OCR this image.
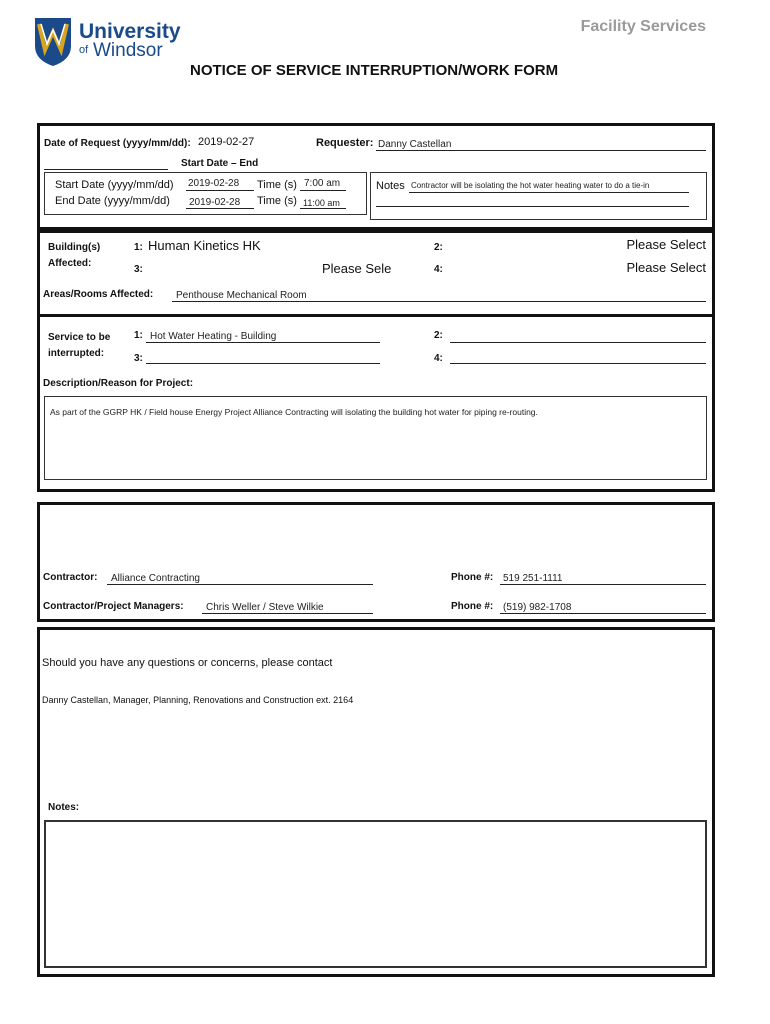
University
of Windsor
Facility Services
NOTICE OF SERVICE INTERRUPTION/WORK FORM
Date of Request (yyyy/mm/dd): 2019-02-27	Requester: Danny Castellan
Start Date – End
Start Date (yyyy/mm/dd) 2019-02-28 Time (s) 7:00 am
End Date (yyyy/mm/dd) 2019-02-28 Time (s) 11:00 am
Notes Contractor will be isolating the hot water heating water to do a tie-in
Building(s)
Affected:
1: Human Kinetics HK	2:	Please Select
3:	Please Sele	4:	Please Select
Areas/Rooms Affected: Penthouse Mechanical Room
Service to be
interrupted:
1: Hot Water Heating - Building	2:
3:	4:
Description/Reason for Project:
As part of the GGRP HK / Field house Energy Project Alliance Contracting will isolating the building hot water for piping re-routing.
Contractor: Alliance Contracting	Phone #: 519 251-1111
Contractor/Project Managers: Chris Weller / Steve Wilkie	Phone #: (519) 982-1708
Should you have any questions or concerns, please contact
Danny Castellan, Manager, Planning, Renovations and Construction ext. 2164
Notes:
